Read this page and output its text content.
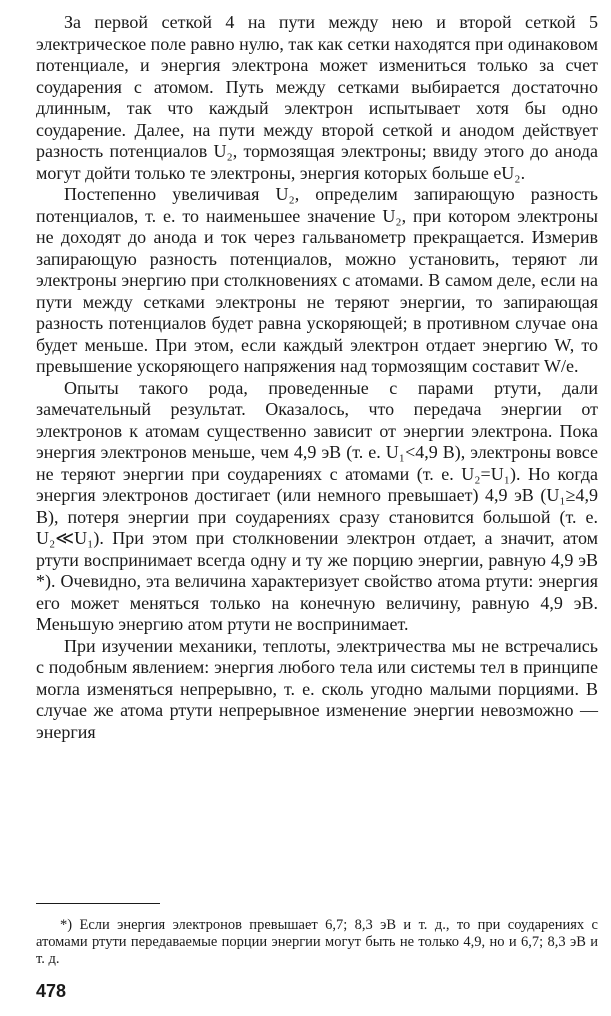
За первой сеткой 4 на пути между нею и второй сеткой 5 электрическое поле равно нулю, так как сетки находятся при одинаковом потенциале, и энергия электрона может измениться только за счет соударения с атомом. Путь между сетками выбирается достаточно длинным, так что каждый электрон испытывает хотя бы одно соударение. Далее, на пути между второй сеткой и анодом действует разность потенциалов U₂, тормозящая электроны; ввиду этого до анода могут дойти только те электроны, энергия которых больше eU₂.

Постепенно увеличивая U₂, определим запирающую разность потенциалов, т. е. то наименьшее значение U₂, при котором электроны не доходят до анода и ток через гальванометр прекращается. Измерив запирающую разность потенциалов, можно установить, теряют ли электроны энергию при столкновениях с атомами. В самом деле, если на пути между сетками электроны не теряют энергии, то запирающая разность потенциалов будет равна ускоряющей; в противном случае она будет меньше. При этом, если каждый электрон отдает энергию W, то превышение ускоряющего напряжения над тормозящим составит W/e.

Опыты такого рода, проведенные с парами ртути, дали замечательный результат. Оказалось, что передача энергии от электронов к атомам существенно зависит от энергии электрона. Пока энергия электронов меньше, чем 4,9 эВ (т. е. U₁<4,9 В), электроны вовсе не теряют энергии при соударениях с атомами (т. е. U₂=U₁). Но когда энергия электронов достигает (или немного превышает) 4,9 эВ (U₁≥4,9 В), потеря энергии при соударениях сразу становится большой (т. е. U₂≪U₁). При этом при столкновении электрон отдает, а значит, атом ртути воспринимает всегда одну и ту же порцию энергии, равную 4,9 эВ *). Очевидно, эта величина характеризует свойство атома ртути: энергия его может меняться только на конечную величину, равную 4,9 эВ. Меньшую энергию атом ртути не воспринимает.

При изучении механики, теплоты, электричества мы не встречались с подобным явлением: энергия любого тела или системы тел в принципе могла изменяться непрерывно, т. е. сколь угодно малыми порциями. В случае же атома ртути непрерывное изменение энергии невозможно — энергия

*) Если энергия электронов превышает 6,7; 8,3 эВ и т. д., то при соударениях с атомами ртути передаваемые порции энергии могут быть не только 4,9, но и 6,7; 8,3 эВ и т. д.

478
